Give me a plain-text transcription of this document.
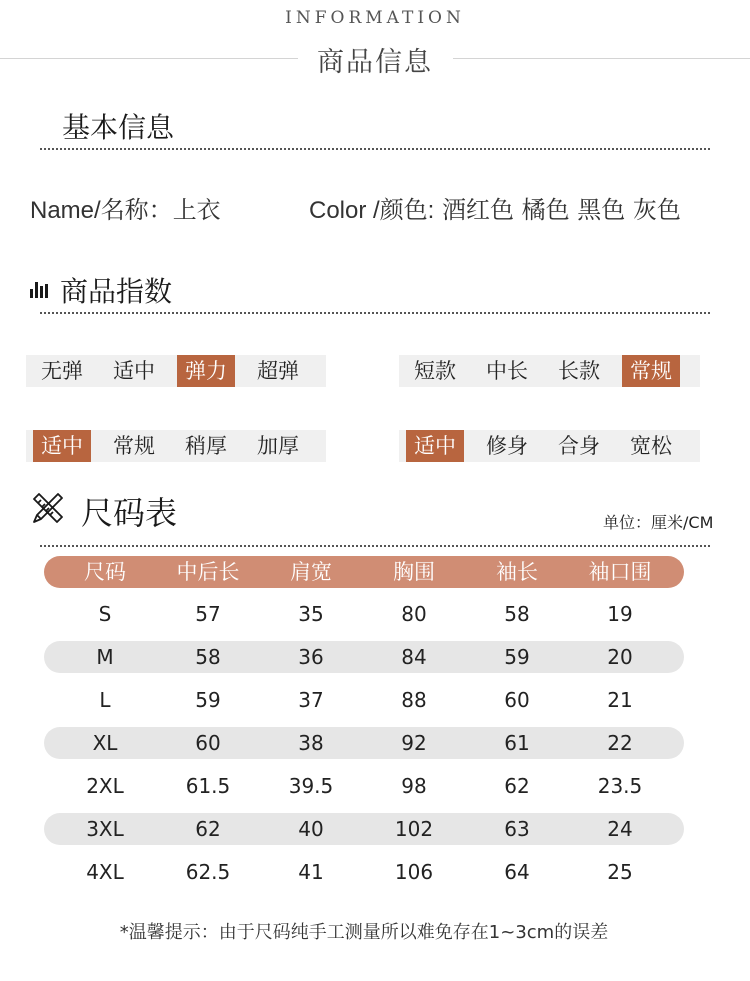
INFORMATION
商品信息
基本信息
Name/名称：上衣	Color /颜色: 酒红色 橘色 黑色 灰色
商品指数
无弹	适中	弹力	超弹	短款	中长	长款	常规
适中	常规	稍厚	加厚	适中	修身	合身	宽松
尺码表	单位：厘米/CM
尺码	中后长	肩宽	胸围	袖长	袖口围
S	57	35	80	58	19
M	58	36	84	59	20
L	59	37	88	60	21
XL	60	38	92	61	22
2XL	61.5	39.5	98	62	23.5
3XL	62	40	102	63	24
4XL	62.5	41	106	64	25
*温馨提示：由于尺码纯手工测量所以难免存在1~3cm的误差
